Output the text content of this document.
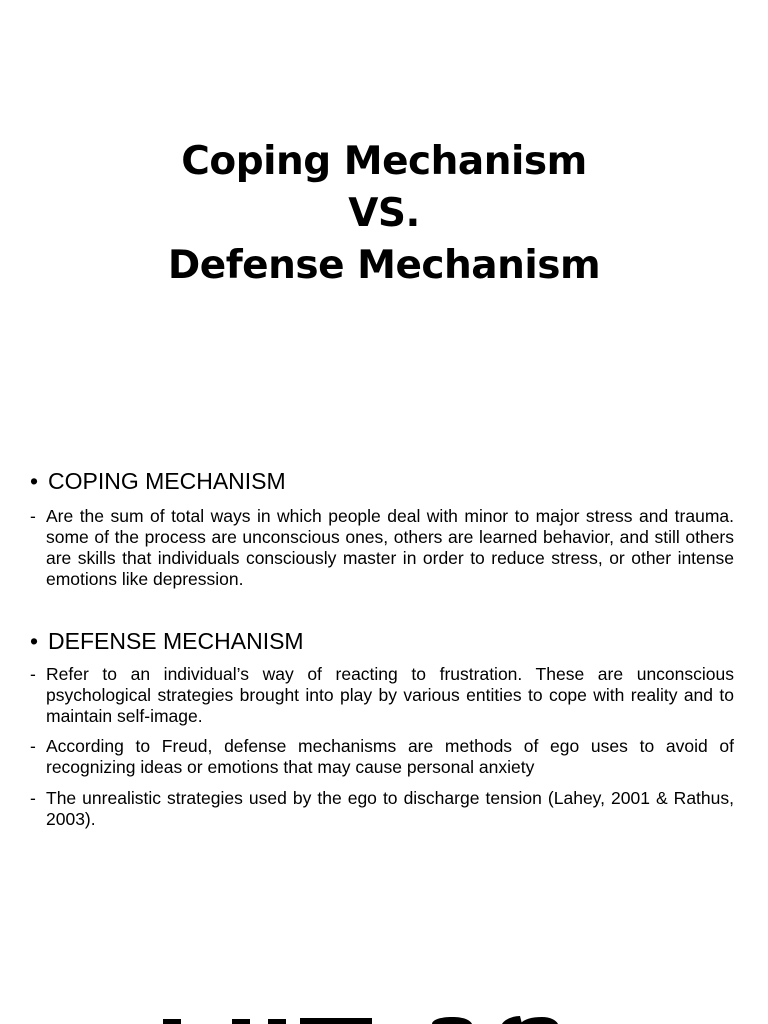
Coping Mechanism
VS.
Defense Mechanism
• COPING MECHANISM
- Are the sum of total ways in which people deal with minor to major stress and trauma. some of the process are unconscious ones, others are learned behavior, and still others are skills that individuals consciously master in order to reduce stress, or other intense emotions like depression.
• DEFENSE MECHANISM
- Refer to an individual’s way of reacting to frustration. These are unconscious psychological strategies brought into play by various entities to cope with reality and to maintain self-image.
- According to Freud, defense mechanisms are methods of ego uses to avoid of recognizing ideas or emotions that may cause personal anxiety
- The unrealistic strategies used by the ego to discharge tension (Lahey, 2001 & Rathus, 2003).
